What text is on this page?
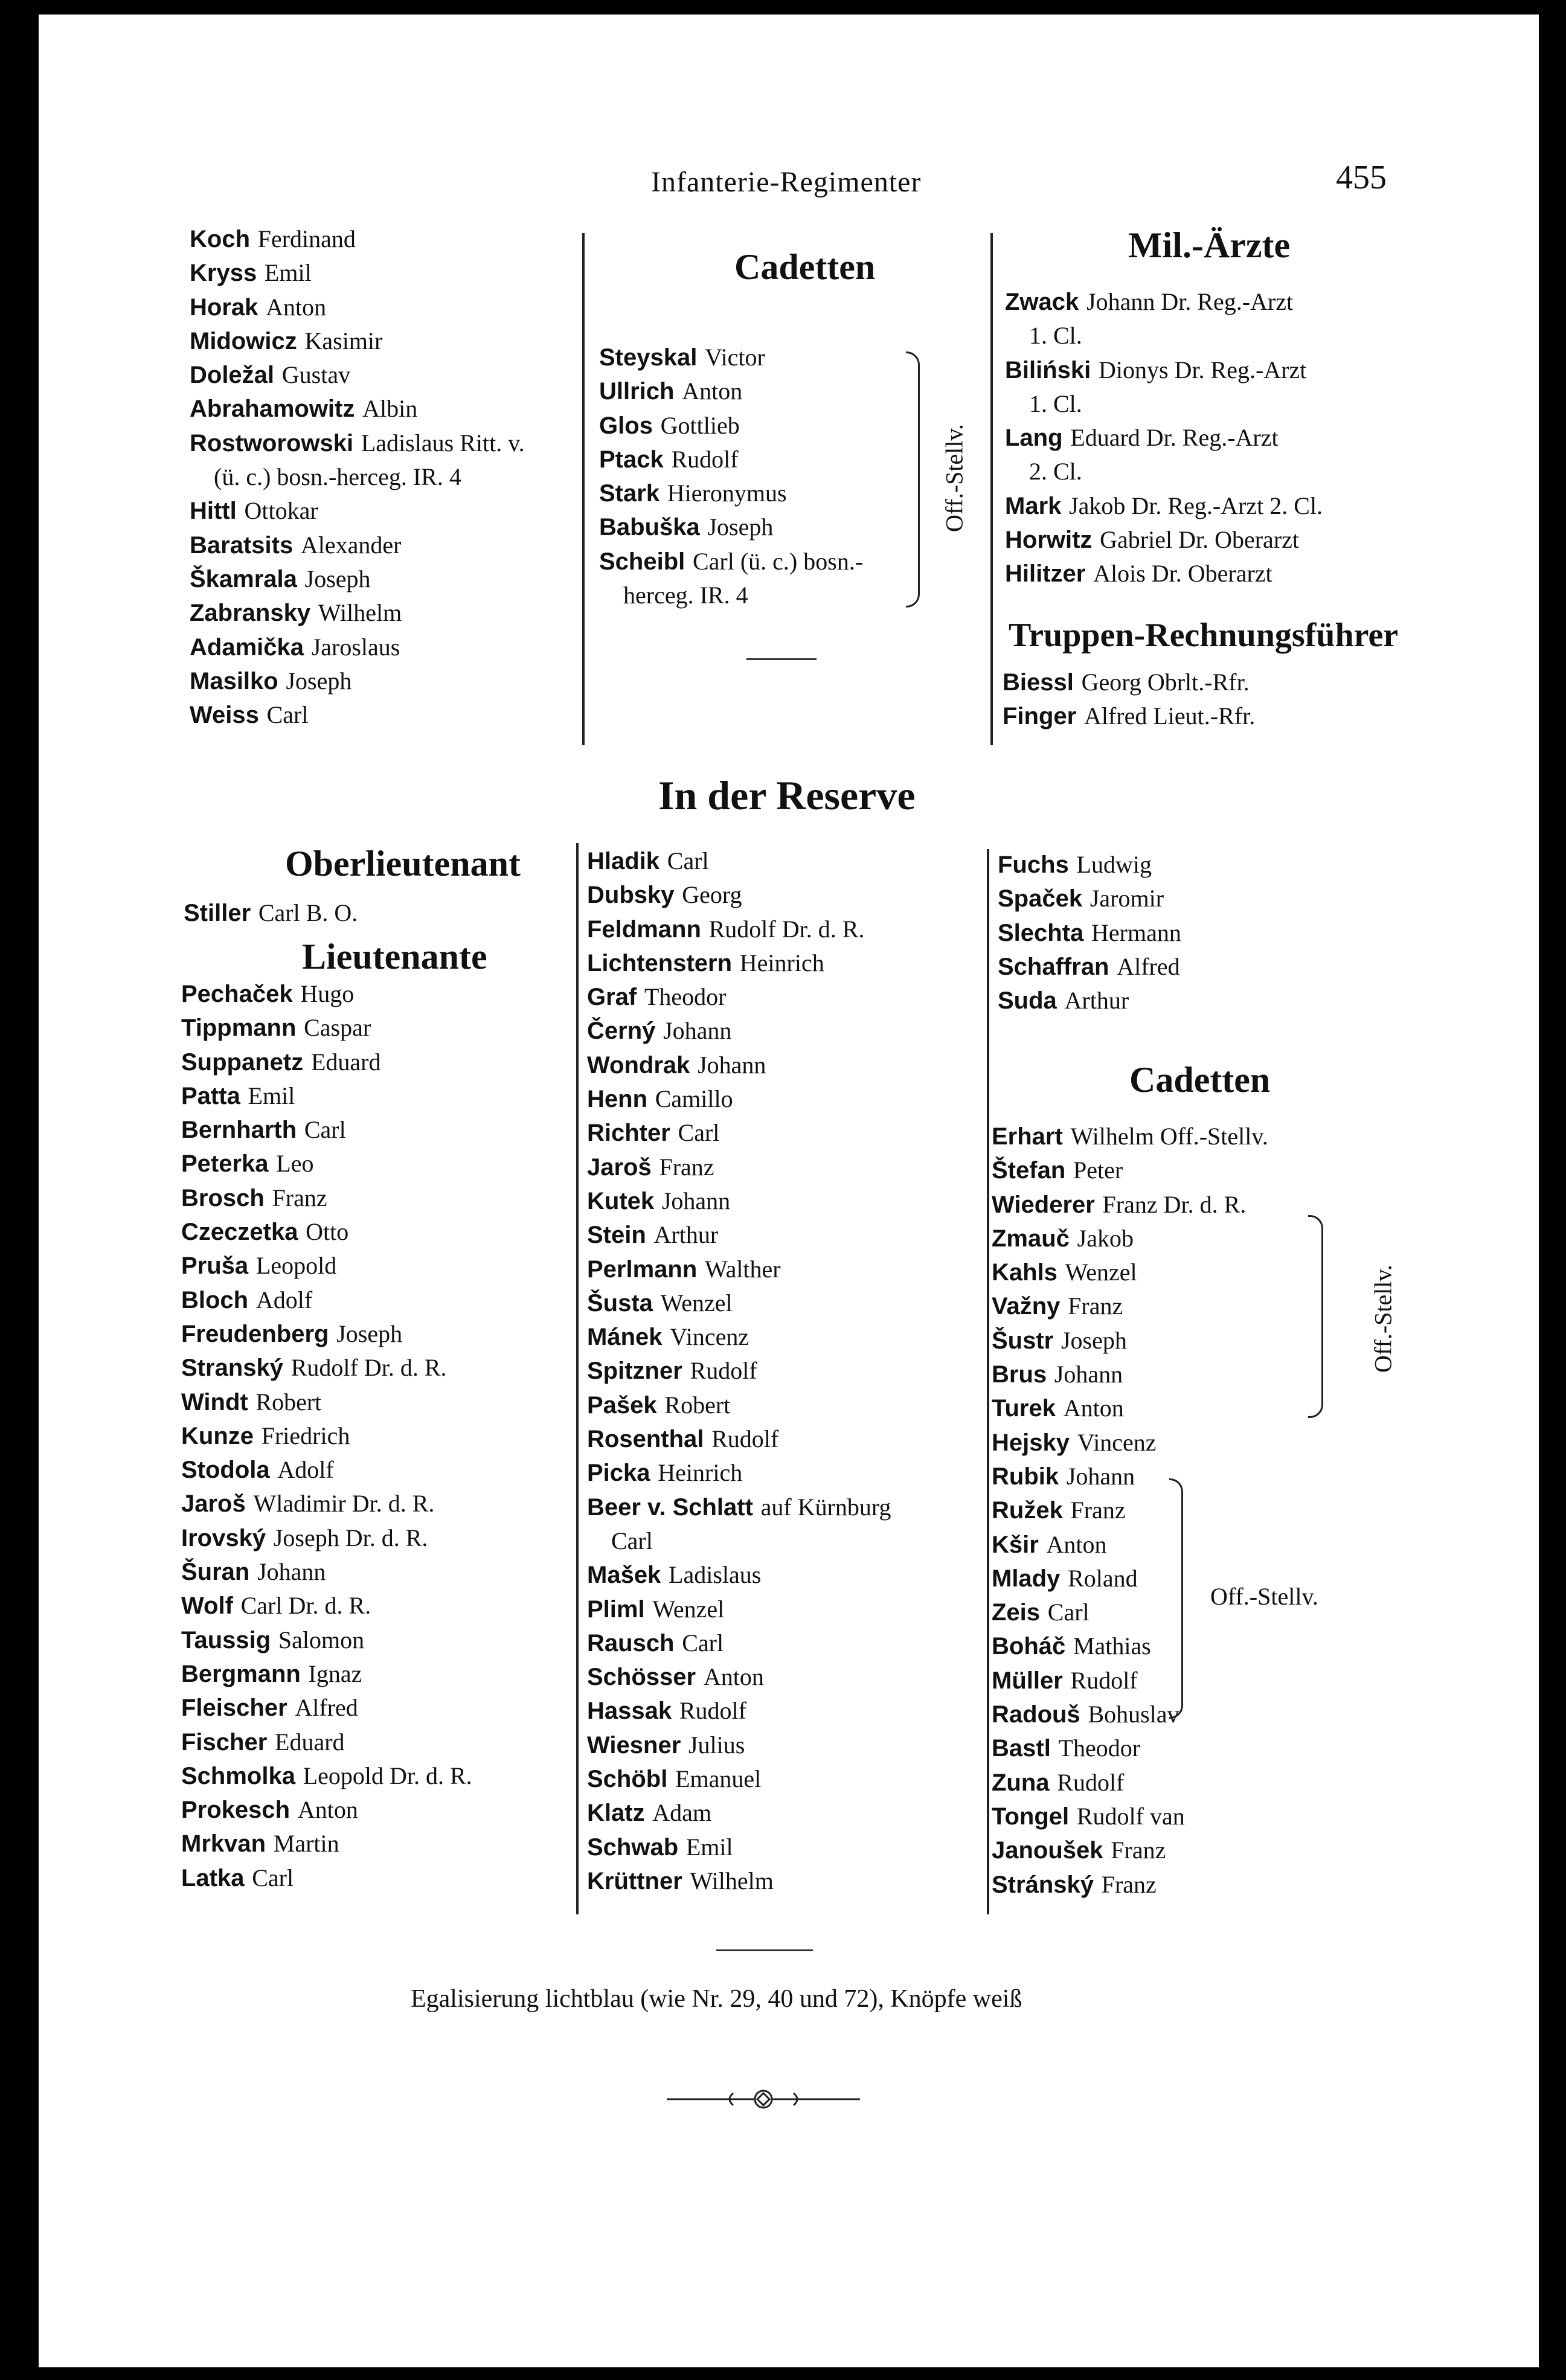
Infanterie-Regimenter	455
Koch Ferdinand
Kryss Emil
Horak Anton
Midowicz Kasimir
Doležal Gustav
Abrahamowitz Albin
Rostworowski Ladislaus Ritt. v.
(ü. c.) bosn.-herceg. IR. 4
Hittl Ottokar
Baratsits Alexander
Škamrala Joseph
Zabransky Wilhelm
Adamička Jaroslaus
Masilko Joseph
Weiss Carl
Cadetten
Steyskal Victor
Ullrich Anton
Glos Gottlieb
Ptack Rudolf
Stark Hieronymus
Babuška Joseph
Scheibl Carl (ü. c.) bosn.-
herceg. IR. 4
Off.-Stellv.
Mil.-Ärzte
Zwack Johann Dr. Reg.-Arzt
1. Cl.
Biliński Dionys Dr. Reg.-Arzt
1. Cl.
Lang Eduard Dr. Reg.-Arzt
2. Cl.
Mark Jakob Dr. Reg.-Arzt 2. Cl.
Horwitz Gabriel Dr. Oberarzt
Hilitzer Alois Dr. Oberarzt
Truppen-Rechnungsführer
Biessl Georg Obrlt.-Rfr.
Finger Alfred Lieut.-Rfr.
In der Reserve
Oberlieutenant
Stiller Carl B. O.
Lieutenante
Pechaček Hugo
Tippmann Caspar
Suppanetz Eduard
Patta Emil
Bernharth Carl
Peterka Leo
Brosch Franz
Czeczetka Otto
Pruša Leopold
Bloch Adolf
Freudenberg Joseph
Stranský Rudolf Dr. d. R.
Windt Robert
Kunze Friedrich
Stodola Adolf
Jaroš Wladimir Dr. d. R.
Irovský Joseph Dr. d. R.
Šuran Johann
Wolf Carl Dr. d. R.
Taussig Salomon
Bergmann Ignaz
Fleischer Alfred
Fischer Eduard
Schmolka Leopold Dr. d. R.
Prokesch Anton
Mrkvan Martin
Latka Carl
Hladik Carl
Dubsky Georg
Feldmann Rudolf Dr. d. R.
Lichtenstern Heinrich
Graf Theodor
Černý Johann
Wondrak Johann
Henn Camillo
Richter Carl
Jaroš Franz
Kutek Johann
Stein Arthur
Perlmann Walther
Šusta Wenzel
Mánek Vincenz
Spitzner Rudolf
Pašek Robert
Rosenthal Rudolf
Picka Heinrich
Beer v. Schlatt auf Kürnburg
Carl
Mašek Ladislaus
Pliml Wenzel
Rausch Carl
Schösser Anton
Hassak Rudolf
Wiesner Julius
Schöbl Emanuel
Klatz Adam
Schwab Emil
Krüttner Wilhelm
Fuchs Ludwig
Spaček Jaromir
Slechta Hermann
Schaffran Alfred
Suda Arthur
Cadetten
Erhart Wilhelm Off.-Stellv.
Štefan Peter
Wiederer Franz Dr. d. R.
Zmauč Jakob
Kahls Wenzel
Važny Franz
Šustr Joseph
Brus Johann
Turek Anton
Hejsky Vincenz
Rubik Johann
Ružek Franz
Kšir Anton
Mlady Roland
Zeis Carl
Boháč Mathias
Müller Rudolf
Radouš Bohuslav
Bastl Theodor
Zuna Rudolf
Tongel Rudolf van
Janoušek Franz
Stránský Franz
Off.-Stellv.
Off.-Stellv.
Egalisierung lichtblau (wie Nr. 29, 40 und 72), Knöpfe weiß
